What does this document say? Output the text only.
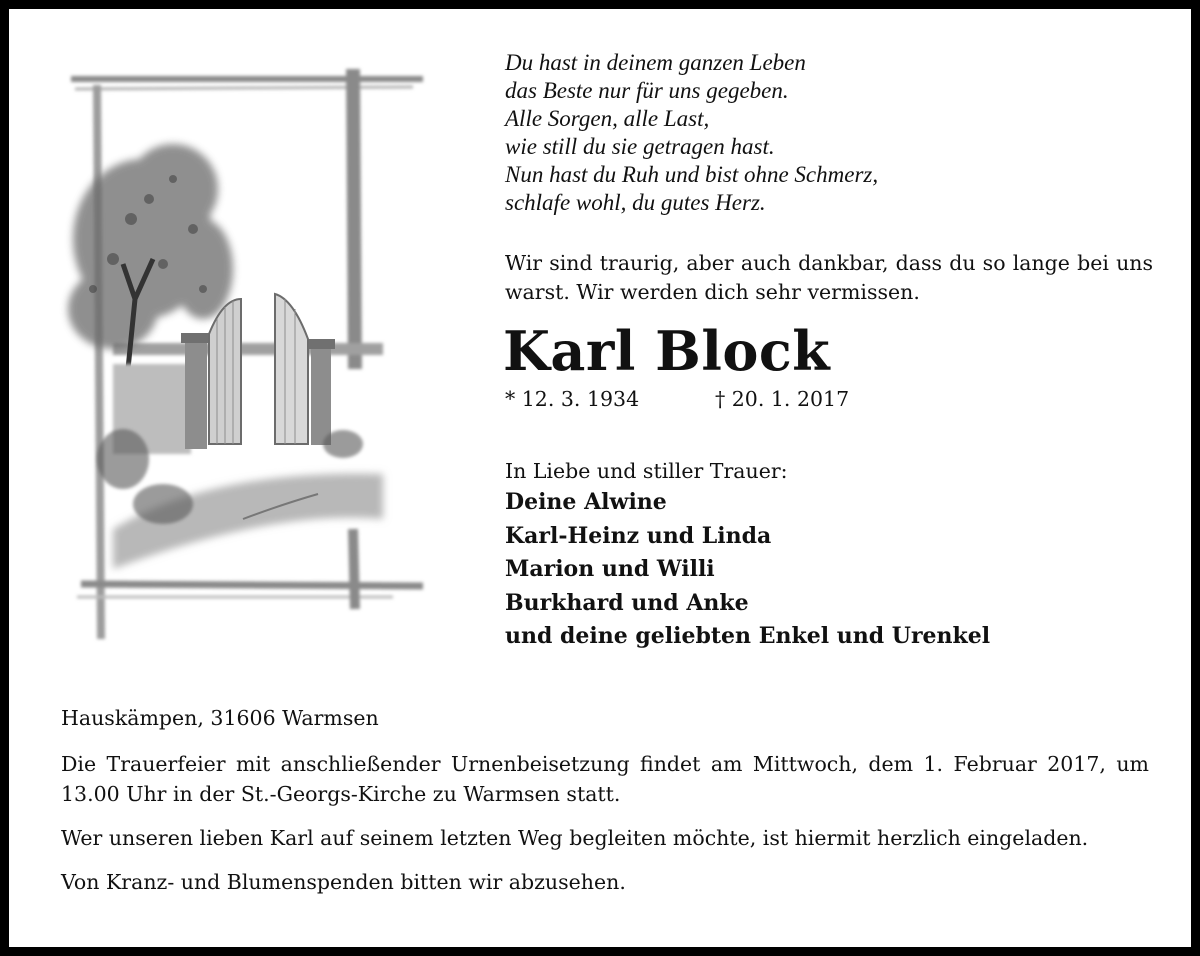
Du hast in deinem ganzen Leben
das Beste nur für uns gegeben.
Alle Sorgen, alle Last,
wie still du sie getragen hast.
Nun hast du Ruh und bist ohne Schmerz,
schlafe wohl, du gutes Herz.

Wir sind traurig, aber auch dankbar, dass du so lange bei uns warst. Wir werden dich sehr vermissen.

Karl Block
* 12. 3. 1934	† 20. 1. 2017
In Liebe und stiller Trauer:
Deine Alwine
Karl-Heinz und Linda
Marion und Willi
Burkhard und Anke
und deine geliebten Enkel und Urenkel

Hauskämpen, 31606 Warmsen

Die Trauerfeier mit anschließender Urnenbeisetzung findet am Mittwoch, dem 1. Februar 2017, um 13.00 Uhr in der St.-Georgs-Kirche zu Warmsen statt.

Wer unseren lieben Karl auf seinem letzten Weg begleiten möchte, ist hiermit herzlich eingeladen.

Von Kranz- und Blumenspenden bitten wir abzusehen.
